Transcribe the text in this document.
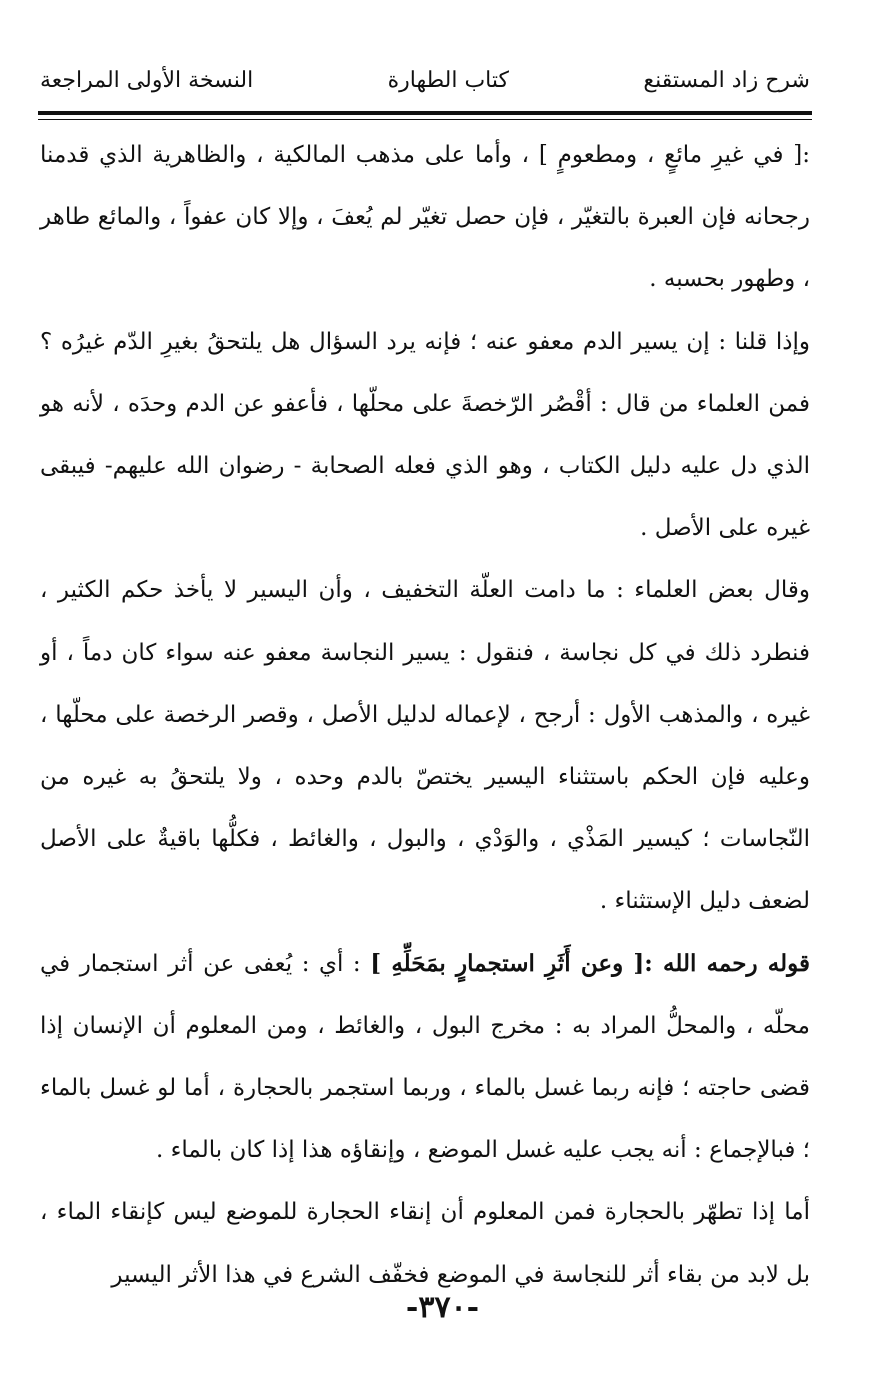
شرح زاد المستقنع
كتاب الطهارة
النسخة الأولى المراجعة

:[ في غيرِ مائعٍ ، ومطعومٍ ] ، وأما على مذهب المالكية ، والظاهرية الذي قدمنا رجحانه فإن العبرة بالتغيّر ، فإن حصل تغيّر لم يُعفَ ، وإلا كان عفواً ، والمائع طاهر ، وطهور بحسبه .

وإذا قلنا : إن يسير الدم معفو عنه ؛ فإنه يرد السؤال هل يلتحقُ بغيرِ الدّم غيرُه ؟ فمن العلماء من قال : أقْصُر الرّخصةَ على محلّها ، فأعفو عن الدم وحدَه ، لأنه هو الذي دل عليه دليل الكتاب ، وهو الذي فعله الصحابة - رضوان الله عليهم- فيبقى غيره على الأصل .

وقال بعض العلماء : ما دامت العلّة التخفيف ، وأن اليسير لا يأخذ حكم الكثير ، فنطرد ذلك في كل نجاسة ، فنقول : يسير النجاسة معفو عنه سواء كان دماً ، أو غيره ، والمذهب الأول : أرجح ، لإعماله لدليل الأصل ، وقصر الرخصة على محلّها ، وعليه فإن الحكم باستثناء اليسير يختصّ بالدم وحده ، ولا يلتحقُ به غيره من النّجاسات ؛ كيسير المَذْي ، والوَدْي ، والبول ، والغائط ، فكلُّها باقيةٌ على الأصل لضعف دليل الإستثناء .

قوله رحمه الله :[ وعن أَثَرِ استجمارٍ بمَحَلِّهِ ] : أي : يُعفى عن أثر استجمار في محلّه ، والمحلُّ المراد به : مخرج البول ، والغائط ، ومن المعلوم أن الإنسان إذا قضى حاجته ؛ فإنه ربما غسل بالماء ، وربما استجمر بالحجارة ، أما لو غسل بالماء ؛ فبالإجماع : أنه يجب عليه غسل الموضع ، وإنقاؤه هذا إذا كان بالماء .

أما إذا تطهّر بالحجارة فمن المعلوم أن إنقاء الحجارة للموضع ليس كإنقاء الماء ، بل لابد من بقاء أثر للنجاسة في الموضع فخفّف الشرع في هذا الأثر اليسير

-٣٧٠-
